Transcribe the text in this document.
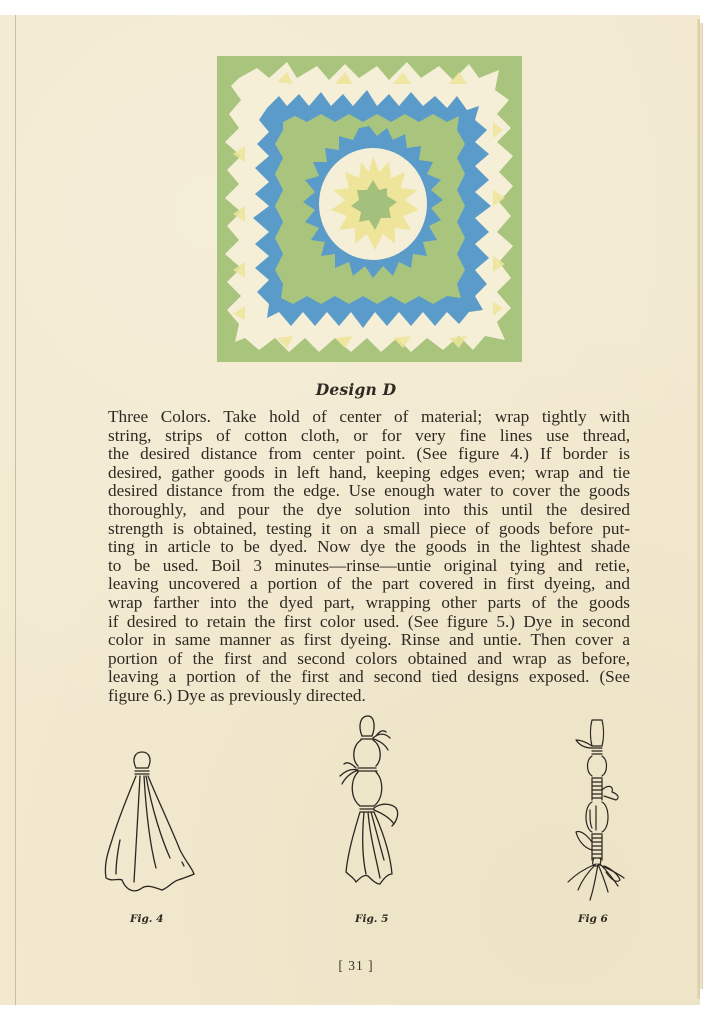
Design D
Three Colors. Take hold of center of material; wrap tightly with
string, strips of cotton cloth, or for very fine lines use thread,
the desired distance from center point. (See figure 4.) If border is
desired, gather goods in left hand, keeping edges even; wrap and tie
desired distance from the edge. Use enough water to cover the goods
thoroughly, and pour the dye solution into this until the desired
strength is obtained, testing it on a small piece of goods before put-
ting in article to be dyed. Now dye the goods in the lightest shade
to be used. Boil 3 minutes—rinse—untie original tying and retie,
leaving uncovered a portion of the part covered in first dyeing, and
wrap farther into the dyed part, wrapping other parts of the goods
if desired to retain the first color used. (See figure 5.) Dye in second
color in same manner as first dyeing. Rinse and untie. Then cover a
portion of the first and second colors obtained and wrap as before,
leaving a portion of the first and second tied designs exposed. (See
figure 6.) Dye as previously directed.
Fig. 4	Fig. 5	Fig 6
[ 31 ]
